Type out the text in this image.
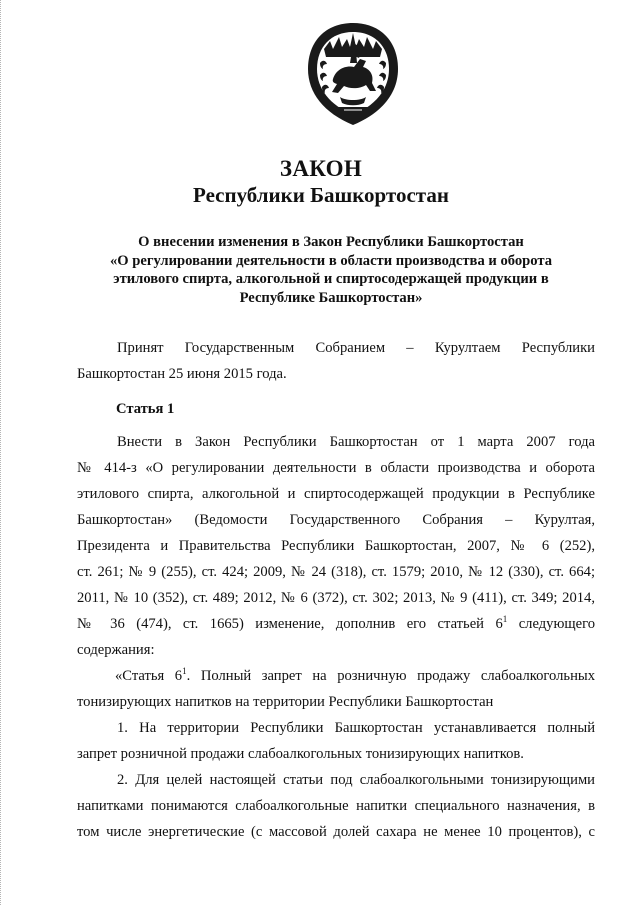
ЗАКОН
Республики Башкортостан
О внесении изменения в Закон Республики Башкортостан
«О регулировании деятельности в области производства и оборота
этилового спирта, алкогольной и спиртосодержащей продукции в
Республике Башкортостан»
Принят Государственным Собранием – Курултаем Республики
Башкортостан 25 июня 2015 года.
Статья 1
Внести в Закон Республики Башкортостан от 1 марта 2007 года
№ 414-з «О регулировании деятельности в области производства и оборота
этилового спирта, алкогольной и спиртосодержащей продукции в Республике
Башкортостан» (Ведомости Государственного Собрания – Курултая,
Президента и Правительства Республики Башкортостан, 2007, № 6 (252),
ст. 261; № 9 (255), ст. 424; 2009, № 24 (318), ст. 1579; 2010, № 12 (330), ст. 664;
2011, № 10 (352), ст. 489; 2012, № 6 (372), ст. 302; 2013, № 9 (411), ст. 349; 2014,
№ 36 (474), ст. 1665) изменение, дополнив его статьей $6^1$ следующего
содержания:
«Статья $6^1$. Полный запрет на розничную продажу слабоалкогольных
тонизирующих напитков на территории Республики Башкортостан
1. На территории Республики Башкортостан устанавливается полный
запрет розничной продажи слабоалкогольных тонизирующих напитков.
2. Для целей настоящей статьи под слабоалкогольными тонизирующими
напитками понимаются слабоалкогольные напитки специального назначения, в
том числе энергетические (с массовой долей сахара не менее 10 процентов), с
